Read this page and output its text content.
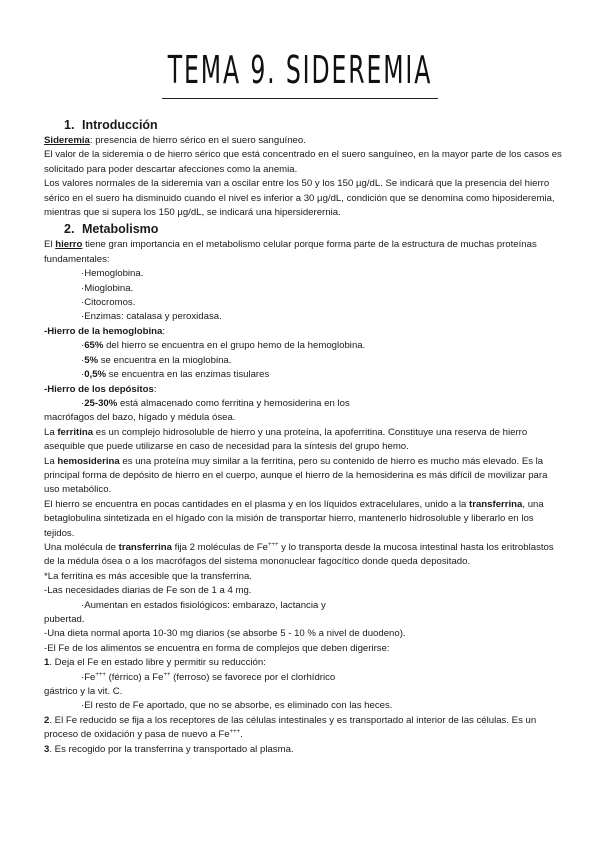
TEMA 9. SIDEREMIA
1. Introducción

Sideremia: presencia de hierro sérico en el suero sanguíneo.

El valor de la sideremia o de hierro sérico que está concentrado en el suero sanguíneo, en la mayor parte de los casos es solicitado para poder descartar afecciones como la anemia.

Los valores normales de la sideremia van a oscilar entre los 50 y los 150 µg/dL. Se indicará que la presencia del hierro sérico en el suero ha disminuido cuando el nivel es inferior a 30 µg/dL, condición que se denomina como hiposideremia, mientras que si supera los 150 µg/dL, se indicará una hipersiderernia.

2. Metabolismo

El hierro tiene gran importancia en el metabolismo celular porque forma parte de la estructura de muchas proteínas fundamentales:

·Hemoglobina.

·Mioglobina.

·Citocromos.

·Enzimas: catalasa y peroxidasa.

-Hierro de la hemoglobina:

·65% del hierro se encuentra en el grupo hemo de la hemoglobina.

·5% se encuentra en la mioglobina.

·0,5% se encuentra en las enzimas tisulares

-Hierro de los depósitos:

·25-30% está almacenado como ferritina y hemosiderina en los

macrófagos del bazo, hígado y médula ósea.

La ferritina es un complejo hidrosoluble de hierro y una proteína, la apoferritina. Constituye una reserva de hierro asequible que puede utilizarse en caso de necesidad para la síntesis del grupo hemo.

La hemosiderina es una proteína muy similar a la ferritina, pero su contenido de hierro es mucho más elevado. Es la principal forma de depósito de hierro en el cuerpo, aunque el hierro de la hemosiderina es más difícil de movilizar para uso metabólico.

El hierro se encuentra en pocas cantidades en el plasma y en los líquidos extracelulares, unido a la transferrina, una betaglobulina sintetizada en el hígado con la misión de transportar hierro, mantenerlo hidrosoluble y liberarlo en los tejidos.

Una molécula de transferrina fija 2 moléculas de Fe+++ y lo transporta desde la mucosa intestinal hasta los eritroblastos de la médula ósea o a los macrófagos del sistema mononuclear fagocítico donde queda depositado.

*La ferritina es más accesible que la transferrina.

-Las necesidades diarias de Fe son de 1 a 4 mg.

·Aumentan en estados fisiológicos: embarazo, lactancia y

pubertad.

-Una dieta normal aporta 10-30 mg diarios (se absorbe 5 - 10 % a nivel de duodeno).

-El Fe de los alimentos se encuentra en forma de complejos que deben digerirse:

1. Deja el Fe en estado libre y permitir su reducción:

·Fe+++ (férrico) a Fe++ (ferroso) se favorece por el clorhídrico

gástrico y la vit. C.

·El resto de Fe aportado, que no se absorbe, es eliminado con las heces.

2. El Fe reducido se fija a los receptores de las células intestinales y es transportado al interior de las células. Es un proceso de oxidación y pasa de nuevo a Fe+++.

3. Es recogido por la transferrina y transportado al plasma.
